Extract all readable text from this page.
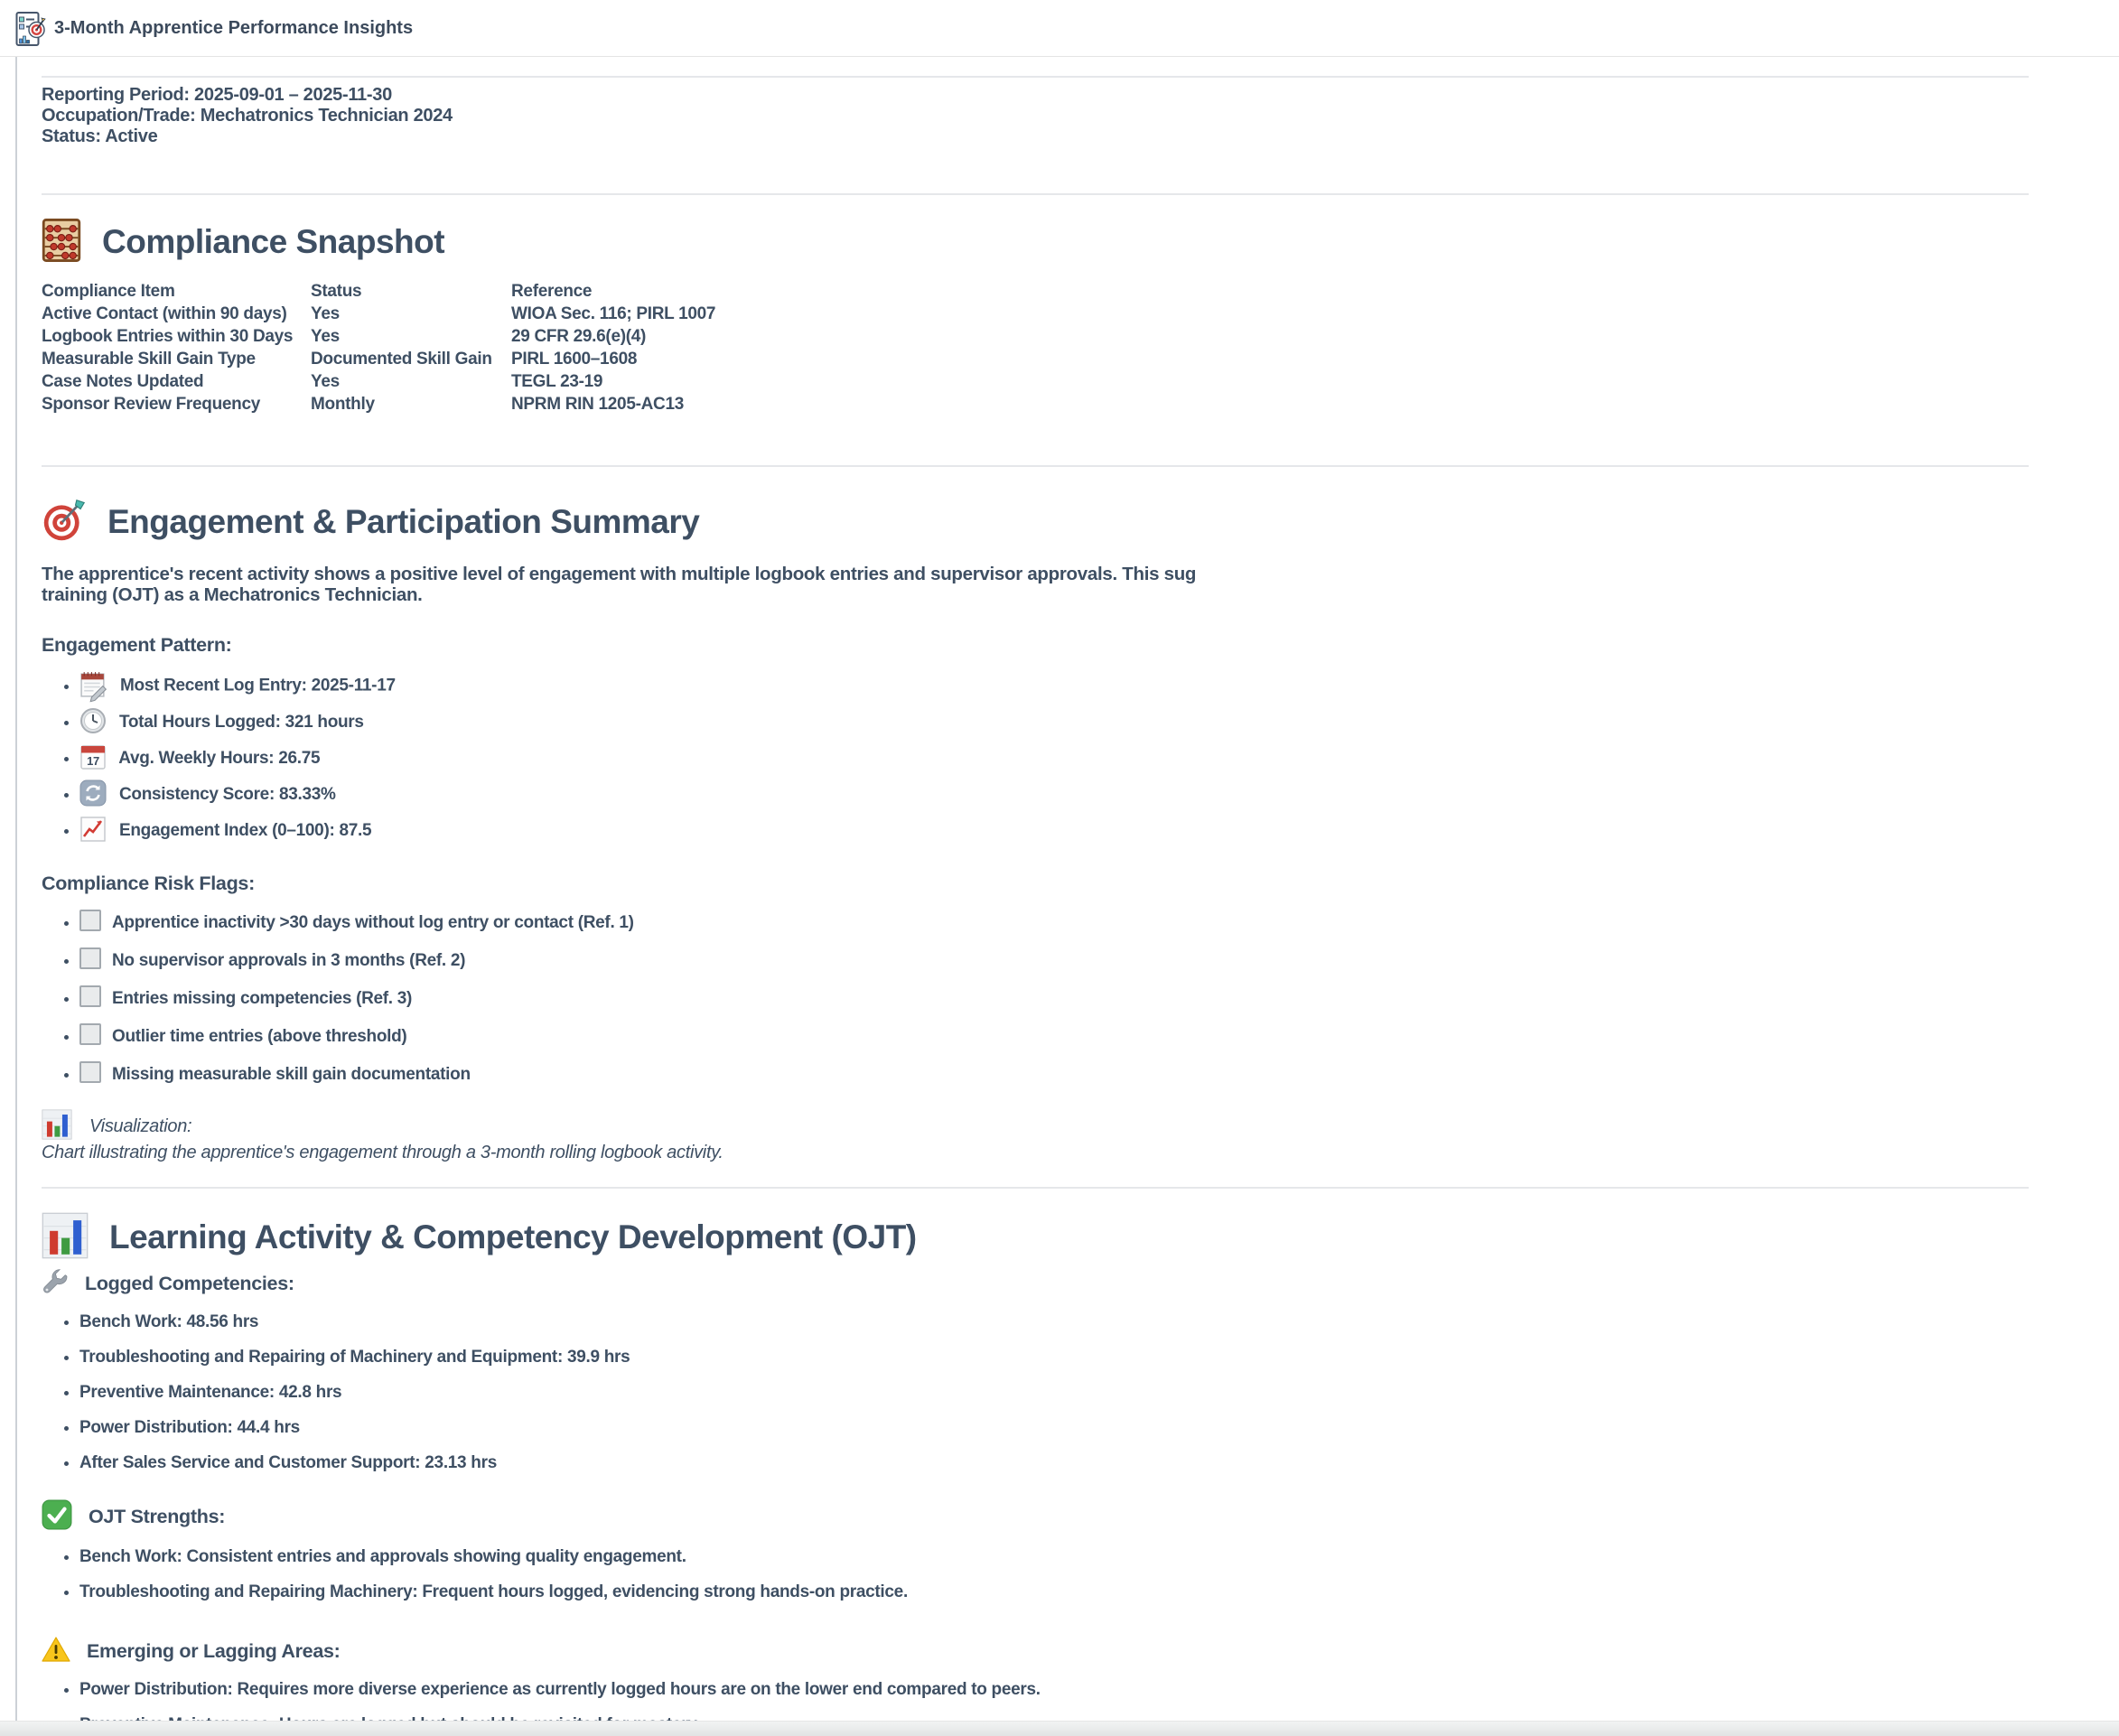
3-Month Apprentice Performance Insights
Reporting Period: 2025-09-01 – 2025-11-30
Occupation/Trade: Mechatronics Technician 2024
Status: Active
Compliance Snapshot
Compliance Item	Status	Reference
Active Contact (within 90 days)	Yes	WIOA Sec. 116; PIRL 1007
Logbook Entries within 30 Days	Yes	29 CFR 29.6(e)(4)
Measurable Skill Gain Type	Documented Skill Gain	PIRL 1600–1608
Case Notes Updated	Yes	TEGL 23-19
Sponsor Review Frequency	Monthly	NPRM RIN 1205-AC13
Engagement & Participation Summary
The apprentice's recent activity shows a positive level of engagement with multiple logbook entries and supervisor approvals. This sug
training (OJT) as a Mechatronics Technician.
Engagement Pattern:
• Most Recent Log Entry: 2025-11-17
• Total Hours Logged: 321 hours
• 17 Avg. Weekly Hours: 26.75
• Consistency Score: 83.33%
• Engagement Index (0–100): 87.5
Compliance Risk Flags:
• Apprentice inactivity >30 days without log entry or contact (Ref. 1)
• No supervisor approvals in 3 months (Ref. 2)
• Entries missing competencies (Ref. 3)
• Outlier time entries (above threshold)
• Missing measurable skill gain documentation
Visualization:
Chart illustrating the apprentice's engagement through a 3-month rolling logbook activity.
Learning Activity & Competency Development (OJT)
Logged Competencies:
• Bench Work: 48.56 hrs
• Troubleshooting and Repairing of Machinery and Equipment: 39.9 hrs
• Preventive Maintenance: 42.8 hrs
• Power Distribution: 44.4 hrs
• After Sales Service and Customer Support: 23.13 hrs
OJT Strengths:
• Bench Work: Consistent entries and approvals showing quality engagement.
• Troubleshooting and Repairing Machinery: Frequent hours logged, evidencing strong hands-on practice.
Emerging or Lagging Areas:
• Power Distribution: Requires more diverse experience as currently logged hours are on the lower end compared to peers.
•
